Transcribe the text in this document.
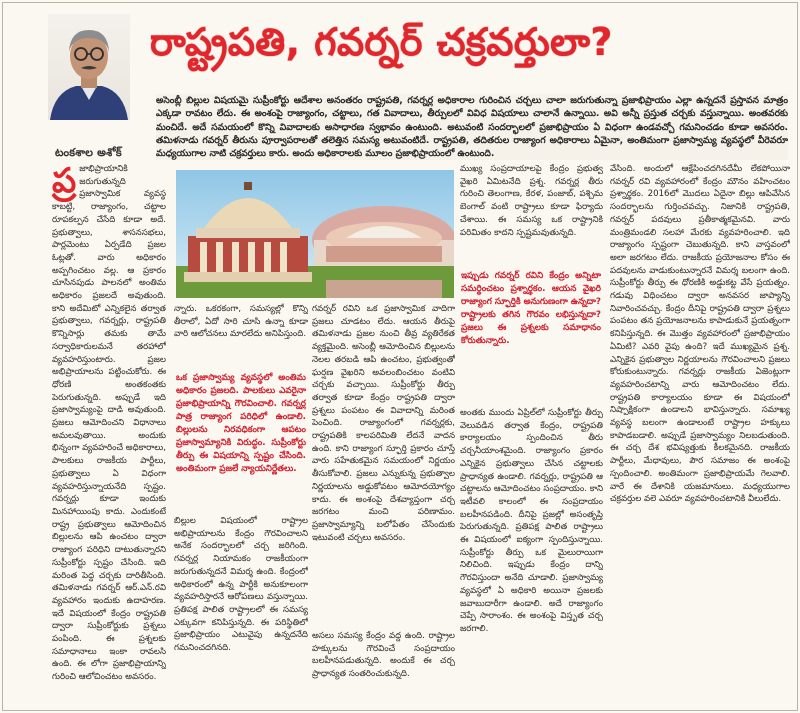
టంకశాల అశోక్
రాష్ట్రపతి, గవర్నర్ చక్రవర్తులా?
అసెంబ్లీ బిల్లుల విషయమై సుప్రీంకోర్టు ఆదేశాల అనంతరం రాష్ట్రపతి, గవర్నర్ల అధికారాల గురించిన చర్చలు చాలా జరుగుతున్నా ప్రజాభిప్రాయం ఎల్లా ఉన్నదనే ప్రస్తావన మాత్రం ఎక్కడా రావటం లేదు. ఈ అంశంపై రాజ్యాంగం, చట్టాలు, గత వివాదాలు, తీర్పులలో వివిధ విషయాలు చాలానే ఉన్నాయి. అవి అన్నీ ప్రస్తుత చర్చకు వస్తున్నాయి. అంతవరకు మంచిదే. అదే సమయంలో కొన్ని వివాదాలకు అసాధారణ స్వభావం ఉంటుంది. అటువంటి సందర్భాలలో ప్రజాభిప్రాయం ఏ విధంగా ఉండవచ్చో గమనించడం కూడా అవసరం. తమిళనాడు గవర్నర్ తీరును పూర్వాపరాలతో తలెత్తిన సమస్య అటువంటిదే. రాష్ట్రపతి, తదితరుల రాజ్యాంగ అధికారాలు ఏమైనా, అంతిమంగా ప్రజాస్వామ్య వ్యవస్థలో వీరెవరూ మధ్యయుగాల నాటి చక్రవర్తులు కారు. అందు అధికారాలకు మూలం ప్రజాభిప్రాయంలో ఉంటుంది.
ప్ర జాభిప్రాయానికి జరుగుతున్నది ప్రజాస్వామిక వ్యవస్థ కాబట్టి, రాజ్యాంగం, చట్టాల రూపకల్పన చేసేది కూడా అదే. ప్రభుత్వాలు, శాసనసభలు, పార్లమెంటు ఏర్పడేది ప్రజల ఓట్లతో. వారు అధికారం అప్పగించటం వల్ల. ఆ ప్రకారం చూసినపుడు పాలనలో అంతిమ అధికారం ప్రజలదే అవుతుంది. కాని అదేమిటో ఎన్నికలైన తర్వాత ప్రభుత్వాలు, గవర్నర్లు, రాష్ట్రపతి కొన్నిసార్లు తమకు తామే సర్వాధికారులమనే తరహాలో వ్యవహరిస్తుంటారు. ప్రజల అభిప్రాయాలను పట్టించుకోరు. ఈ ధోరణి అంతకంతకు పెరుగుతున్నది. అప్పుడే ఇది ప్రజాస్వామ్యంపై దాడి అవుతుంది. ప్రజలు ఆమోదించని విధానాలు అమలవుతాయి. అందుకు భిన్నంగా వ్యవహరించే అధికారాలు, పాలకులు రాజకీయ పార్టీలు, ప్రభుత్వాలు ఏ విధంగా వ్యవహరిస్తున్నాయనేది స్పష్టం. గవర్నర్లు కూడా ఇందుకు మినహాయింపు కాదు. ఎందుకంటే రాష్ట్ర ప్రభుత్వాలు ఆమోదించిన బిల్లులను ఆపి ఉంచటం ద్వారా రాజ్యాంగ పరిధిని దాటుతున్నారని సుప్రీంకోర్టు స్పష్టం చేసింది. ఇది మరింత పెద్ద చర్చకు దారితీసింది. తమిళనాడు గవర్నర్ ఆర్.ఎన్.రవి వ్యవహారం ఇందుకు ఉదాహరణ. ఇదే విషయంలో కేంద్రం రాష్ట్రపతి ద్వారా సుప్రీంకోర్టుకు ప్రశ్నలు పంపింది. ఈ ప్రశ్నలకు సమాధానాలు ఇంకా రావలసి ఉంది. ఈ లోగా ప్రజాభిప్రాయాన్ని గురించి ఆలోచించటం అవసరం.
న్నారు. ఒకరకంగా, సమస్యల్లో కొన్ని తీరాలో, ఏదో సారి చూసి ఉన్నా కూడా వారి ఆలోచనలు మారలేదు అనిపిస్తుంది.
ఒక ప్రజాస్వామ్య వ్యవస్థలో అంతిమ అధికారం ప్రజలది. పాలకులు ఎవరైనా ప్రజాభిప్రాయాన్ని గౌరవించాలి. గవర్నర్ల పాత్ర రాజ్యాంగ పరిధిలో ఉండాలి. బిల్లులను నిరవధికంగా ఆపటం ప్రజాస్వామ్యానికి విరుద్ధం. సుప్రీంకోర్టు తీర్పు ఈ విషయాన్ని స్పష్టం చేసింది. అంతిమంగా ప్రజలే న్యాయనిర్ణేతలు.
బిల్లుల విషయంలో రాష్ట్రాల అభిప్రాయాలను కేంద్రం గౌరవించాలని అనేక సందర్భాలలో చర్చ జరిగింది. గవర్నర్ల నియామకం రాజకీయంగా జరుగుతున్నదనే విమర్శ ఉంది. కేంద్రంలో అధికారంలో ఉన్న పార్టీకి అనుకూలంగా వ్యవహరిస్తారనే ఆరోపణలు వస్తున్నాయి. ప్రతిపక్ష పాలిత రాష్ట్రాలలో ఈ సమస్య ఎక్కువగా కనిపిస్తున్నది. ఈ పరిస్థితిలో ప్రజాభిప్రాయం ఎటువైపు ఉన్నదనేది గమనించదగినది.
గవర్నర్ రవిని ఒక ప్రజాస్వామిక వాదిగా ప్రజలు చూడటం లేదు. ఆయన తీరుపై తమిళనాడు ప్రజల నుంచి తీవ్ర వ్యతిరేకత వ్యక్తమైంది. అసెంబ్లీ ఆమోదించిన బిల్లులను నెలల తరబడి ఆపి ఉంచటం, ప్రభుత్వంతో ఘర్షణ వైఖరిని అవలంబించటం వంటివి చర్చకు వచ్చాయి. సుప్రీంకోర్టు తీర్పు తర్వాత కూడా కేంద్రం రాష్ట్రపతి ద్వారా ప్రశ్నలు పంపటం ఈ వివాదాన్ని మరింత పెంచింది. రాజ్యాంగంలో గవర్నర్లకు, రాష్ట్రపతికి కాలపరిమితి లేదనే వాదన ఉంది. కాని రాజ్యాంగ స్ఫూర్తి ప్రకారం చూస్తే వారు సహేతుకమైన సమయంలో నిర్ణయం తీసుకోవాలి. ప్రజలు ఎన్నుకున్న ప్రభుత్వాల నిర్ణయాలను అడ్డుకోవటం ఆమోదయోగ్యం కాదు. ఈ అంశంపై దేశవ్యాప్తంగా చర్చ జరగటం మంచి పరిణామం. ప్రజాస్వామ్యాన్ని బలోపేతం చేసేందుకు ఇటువంటి చర్చలు అవసరం.
అసలు సమస్య కేంద్రం వద్ద ఉంది. రాష్ట్రాల హక్కులను గౌరవించే సంప్రదాయం బలహీనపడుతున్నది. అందుకే ఈ చర్చ ప్రాధాన్యత సంతరించుకున్నది.
ముఖ్య సంప్రదాయాలపై కేంద్రం ప్రభుత్వ వైఖరి ఏమిటనేది ప్రశ్న. గవర్నర్ల తీరు గురించి తెలంగాణ, కేరళ, పంజాబ్, పశ్చిమ బెంగాల్ వంటి రాష్ట్రాలు కూడా ఫిర్యాదు చేశాయి. ఈ సమస్య ఒక రాష్ట్రానికి పరిమితం కాదని స్పష్టమవుతున్నది.
ఇప్పుడు గవర్నర్ రవిని కేంద్రం అన్నిటా సమర్థించటం ప్రశ్నార్థకం. ఆయన వైఖరి రాజ్యాంగ స్ఫూర్తికి అనుగుణంగా ఉన్నదా? రాష్ట్రాలకు తగిన గౌరవం లభిస్తున్నదా? ప్రజలు ఈ ప్రశ్నలకు సమాధానం కోరుతున్నారు.
అంతకు ముందు ఏప్రిల్‌లో సుప్రీంకోర్టు తీర్పు వెలువడిన తర్వాత కేంద్రం, రాష్ట్రపతి కార్యాలయం స్పందించిన తీరు చర్చనీయాంశమైంది. రాజ్యాంగం ప్రకారం ఎన్నికైన ప్రభుత్వాలు చేసిన చట్టాలకు ప్రాధాన్యత ఉండాలి. గవర్నర్లు, రాష్ట్రపతి ఆ చట్టాలను ఆమోదించటం సంప్రదాయం. కాని ఇటీవలి కాలంలో ఈ సంప్రదాయం బలహీనపడింది. దీనిపై ప్రజల్లో అసంతృప్తి పెరుగుతున్నది. ప్రతిపక్ష పాలిత రాష్ట్రాలు ఈ విషయంలో ఐక్యంగా స్పందిస్తున్నాయి. సుప్రీంకోర్టు తీర్పు ఒక మైలురాయిగా నిలిచింది. ఇప్పుడు కేంద్రం దాన్ని గౌరవిస్తుందా అనేది చూడాలి. ప్రజాస్వామ్య వ్యవస్థలో ఏ అధికారి అయినా ప్రజలకు జవాబుదారీగా ఉండాలి. అదే రాజ్యాంగం చెప్పే సారాంశం. ఈ అంశంపై విస్తృత చర్చ జరగాలి.
వేసింది. అందులో ఆక్షేపించదగినదేమీ లేకపోయినా గవర్నర్ రవి వ్యవహారంలో కేంద్రం మౌనం వహించటం ప్రశ్నార్థకం. 2016లో మొదలు ఏదైనా బిల్లు ఆపివేసిన సందర్భాలను గుర్తించవచ్చు. నిజానికి రాష్ట్రపతి, గవర్నర్ పదవులు ప్రతీకాత్మకమైనవి. వారు మంత్రిమండలి సలహా మేరకు వ్యవహరించాలి. ఇది రాజ్యాంగం స్పష్టంగా చెబుతున్నది. కాని వాస్తవంలో అలా జరగటం లేదు. రాజకీయ ప్రయోజనాల కోసం ఈ పదవులను వాడుకుంటున్నారనే విమర్శ బలంగా ఉంది. సుప్రీంకోర్టు తీర్పు ఈ ధోరణికి అడ్డుకట్ట వేసే ప్రయత్నం. గడువు విధించటం ద్వారా అనవసర జాప్యాన్ని నివారించవచ్చు. కేంద్రం దీనిపై రాష్ట్రపతి ద్వారా ప్రశ్నలు పంపటం తన ప్రయోజనాలను కాపాడుకునే ప్రయత్నంగా కనిపిస్తున్నది. ఈ మొత్తం వ్యవహారంలో ప్రజాభిప్రాయం ఏమిటి? ఎవరి వైపు ఉంది? ఇదే ముఖ్యమైన ప్రశ్న. ఎన్నికైన ప్రభుత్వాల నిర్ణయాలను గౌరవించాలని ప్రజలు కోరుకుంటున్నారు. గవర్నర్లు రాజకీయ ఏజెంట్లుగా వ్యవహరించటాన్ని వారు ఆమోదించటం లేదు. రాష్ట్రపతి కార్యాలయం కూడా ఈ విషయంలో నిష్పాక్షికంగా ఉండాలని భావిస్తున్నారు. సమాఖ్య వ్యవస్థ బలంగా ఉండాలంటే రాష్ట్రాల హక్కులు కాపాడబడాలి. అప్పుడే ప్రజాస్వామ్యం నిలబడుతుంది. ఈ చర్చ దేశ భవిష్యత్తుకు కీలకమైనది. రాజకీయ పార్టీలు, మేధావులు, పౌర సమాజం ఈ అంశంపై స్పందించాలి. అంతిమంగా ప్రజాభిప్రాయమే గెలవాలి. వారే ఈ దేశానికి యజమానులు. మధ్యయుగాల చక్రవర్తుల వలె ఎవరూ వ్యవహరించటానికి వీలులేదు.
